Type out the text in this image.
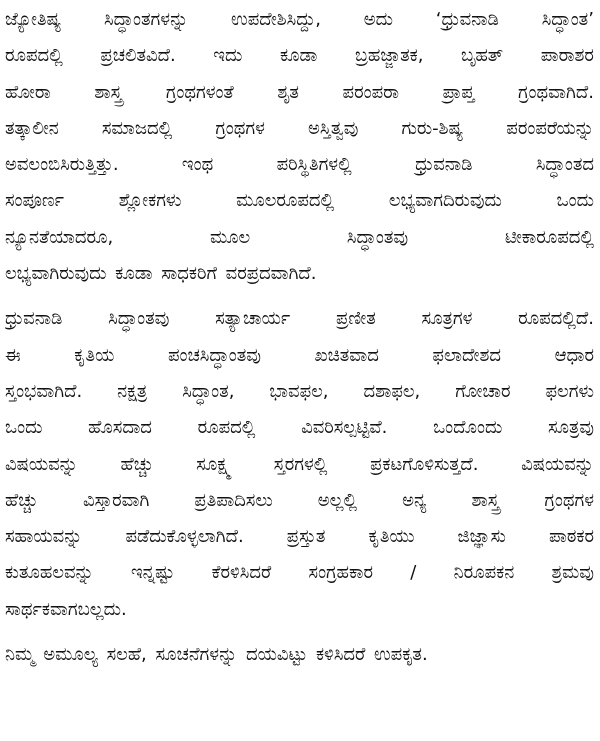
ಜ್ಯೋತಿಷ್ಯ ಸಿದ್ಧಾಂತಗಳನ್ನು ಉಪದೇಶಿಸಿದ್ದು, ಅದು ‘ಧ್ರುವನಾಡಿ ಸಿದ್ಧಾಂತ’
ರೂಪದಲ್ಲಿ ಪ್ರಚಲಿತವಿದೆ. ಇದು ಕೂಡಾ ಬ್ರಹಜ್ಜಾತಕ, ಬೃಹತ್ ಪಾರಾಶರ
ಹೋರಾ ಶಾಸ್ತ್ರ ಗ್ರಂಥಗಳಂತೆ ಶೃತ ಪರಂಪರಾ ಪ್ರಾಪ್ತ ಗ್ರಂಥವಾಗಿದೆ.
ತತ್ಕಾಲೀನ ಸಮಾಜದಲ್ಲಿ ಗ್ರಂಥಗಳ ಅಸ್ತಿತ್ವವು ಗುರು-ಶಿಷ್ಯ ಪರಂಪರೆಯನ್ನು
ಅವಲಂಬಿಸಿರುತ್ತಿತ್ತು.	ಇಂಥ	ಪರಿಸ್ಥಿತಿಗಳಲ್ಲಿ	ಧ್ರುವನಾಡಿ	ಸಿದ್ಧಾಂತದ
ಸಂಪೂರ್ಣ	ಶ್ಲೋಕಗಳು	ಮೂಲರೂಪದಲ್ಲಿ	ಲಭ್ಯವಾಗದಿರುವುದು	ಒಂದು
ನ್ಯೂನತೆಯಾದರೂ,	ಮೂಲ	ಸಿದ್ಧಾಂತವು	ಟೀಕಾರೂಪದಲ್ಲಿ
ಲಭ್ಯವಾಗಿರುವುದು ಕೂಡಾ ಸಾಧಕರಿಗೆ ವರಪ್ರದವಾಗಿದೆ.
ಧ್ರುವನಾಡಿ	ಸಿದ್ಧಾಂತವು	ಸತ್ಯಾಚಾರ್ಯ	ಪ್ರಣೀತ	ಸೂತ್ರಗಳ	ರೂಪದಲ್ಲಿದೆ.
ಈ	ಕೃತಿಯ	ಪಂಚಸಿದ್ಧಾಂತವು	ಖಚಿತವಾದ	ಫಲಾದೇಶದ	ಆಧಾರ
ಸ್ತಂಭವಾಗಿದೆ. ನಕ್ಷತ್ರ ಸಿದ್ಧಾಂತ, ಭಾವಫಲ, ದಶಾಫಲ, ಗೋಚಾರ ಫಲಗಳು
ಒಂದು	ಹೊಸದಾದ	ರೂಪದಲ್ಲಿ	ವಿವರಿಸಲ್ಪಟ್ಟಿವೆ.	ಒಂದೊಂದು	ಸೂತ್ರವು
ವಿಷಯವನ್ನು ಹೆಚ್ಚು ಸೂಕ್ಷ್ಮ ಸ್ತರಗಳಲ್ಲಿ ಪ್ರಕಟಗೊಳಿಸುತ್ತದೆ. ವಿಷಯವನ್ನು
ಹೆಚ್ಚು	ವಿಸ್ತಾರವಾಗಿ	ಪ್ರತಿಪಾದಿಸಲು	ಅಲ್ಲಲ್ಲಿ	ಅನ್ಯ	ಶಾಸ್ತ್ರ	ಗ್ರಂಥಗಳ
ಸಹಾಯವನ್ನು ಪಡೆದುಕೊಳ್ಳಲಾಗಿದೆ. ಪ್ರಸ್ತುತ ಕೃತಿಯು ಜಿಜ್ಞಾಸು ಪಾಠಕರ
ಕುತೂಹಲವನ್ನು ಇನ್ನಷ್ಟು ಕೆರಳಿಸಿದರೆ ಸಂಗ್ರಹಕಾರ / ನಿರೂಪಕನ ಶ್ರಮವು
ಸಾರ್ಥಕವಾಗಬಲ್ಲದು.
ನಿಮ್ಮ ಅಮೂಲ್ಯ ಸಲಹೆ, ಸೂಚನೆಗಳನ್ನು ದಯವಿಟ್ಟು ಕಳಿಸಿದರೆ ಉಪಕೃತ.
